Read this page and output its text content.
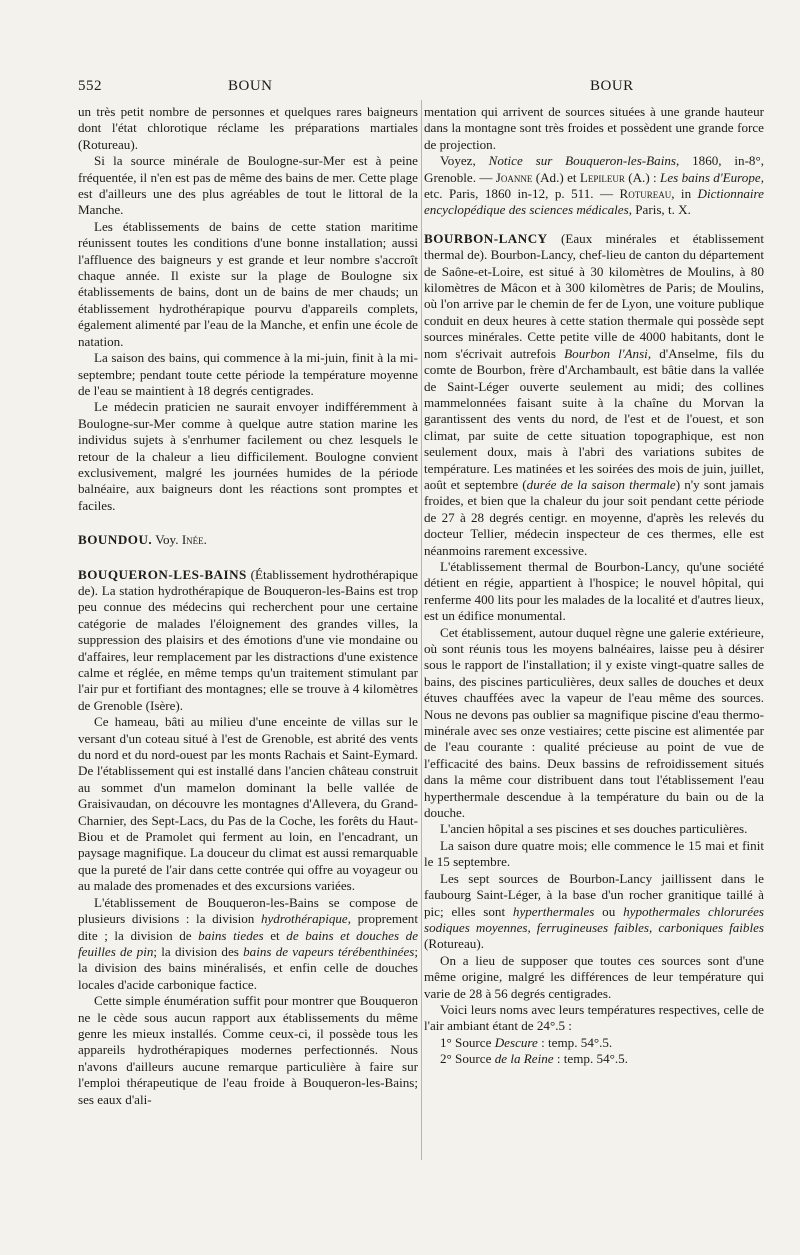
552	BOUN	BOUR

un très petit nombre de personnes et quelques rares baigneurs dont l'état chlorotique réclame les préparations martiales (Rotureau).

Si la source minérale de Boulogne-sur-Mer est à peine fréquentée, il n'en est pas de même des bains de mer. Cette plage est d'ailleurs une des plus agréables de tout le littoral de la Manche.

Les établissements de bains de cette station maritime réunissent toutes les conditions d'une bonne installation; aussi l'affluence des baigneurs y est grande et leur nombre s'accroît chaque année. Il existe sur la plage de Boulogne six établissements de bains, dont un de bains de mer chauds; un établissement hydrothérapique pourvu d'appareils complets, également alimenté par l'eau de la Manche, et enfin une école de natation.

La saison des bains, qui commence à la mi-juin, finit à la mi-septembre; pendant toute cette période la température moyenne de l'eau se maintient à 18 degrés centigrades.

Le médecin praticien ne saurait envoyer indifféremment à Boulogne-sur-Mer comme à quelque autre station marine les individus sujets à s'enrhumer facilement ou chez lesquels le retour de la chaleur a lieu difficilement. Boulogne convient exclusivement, malgré les journées humides de la période balnéaire, aux baigneurs dont les réactions sont promptes et faciles.

BOUNDOU. Voy. Inée.

BOUQUERON-LES-BAINS (Établissement hydrothérapique de). La station hydrothérapique de Bouqueron-les-Bains est trop peu connue des médecins qui recherchent pour une certaine catégorie de malades l'éloignement des grandes villes, la suppression des plaisirs et des émotions d'une vie mondaine ou d'affaires, leur remplacement par les distractions d'une existence calme et réglée, en même temps qu'un traitement stimulant par l'air pur et fortifiant des montagnes; elle se trouve à 4 kilomètres de Grenoble (Isère).

Ce hameau, bâti au milieu d'une enceinte de villas sur le versant d'un coteau situé à l'est de Grenoble, est abrité des vents du nord et du nord-ouest par les monts Rachais et Saint-Eymard. De l'établissement qui est installé dans l'ancien château construit au sommet d'un mamelon dominant la belle vallée de Graisivaudan, on découvre les montagnes d'Allevera, du Grand-Charnier, des Sept-Lacs, du Pas de la Coche, les forêts du Haut-Biou et de Pramolet qui ferment au loin, en l'encadrant, un paysage magnifique. La douceur du climat est aussi remarquable que la pureté de l'air dans cette contrée qui offre au voyageur ou au malade des promenades et des excursions variées.

L'établissement de Bouqueron-les-Bains se compose de plusieurs divisions : la division hydrothérapique, proprement dite ; la division de bains tiedes et de bains et douches de feuilles de pin; la division des bains de vapeurs térébenthinées; la division des bains minéralisés, et enfin celle de douches locales d'acide carbonique factice.

Cette simple énumération suffit pour montrer que Bouqueron ne le cède sous aucun rapport aux établissements du même genre les mieux installés. Comme ceux-ci, il possède tous les appareils hydrothérapiques modernes perfectionnés. Nous n'avons d'ailleurs aucune remarque particulière à faire sur l'emploi thérapeutique de l'eau froide à Bouqueron-les-Bains; ses eaux d'ali-

mentation qui arrivent de sources situées à une grande hauteur dans la montagne sont très froides et possèdent une grande force de projection.

Voyez, Notice sur Bouqueron-les-Bains, 1860, in-8°, Grenoble. — Joanne (Ad.) et Lepileur (A.) : Les bains d'Europe, etc. Paris, 1860 in-12, p. 511. — Rotureau, in Dictionnaire encyclopédique des sciences médicales, Paris, t. X.

BOURBON-LANCY (Eaux minérales et établissement thermal de). Bourbon-Lancy, chef-lieu de canton du département de Saône-et-Loire, est situé à 30 kilomètres de Moulins, à 80 kilomètres de Mâcon et à 300 kilomètres de Paris; de Moulins, où l'on arrive par le chemin de fer de Lyon, une voiture publique conduit en deux heures à cette station thermale qui possède sept sources minérales. Cette petite ville de 4000 habitants, dont le nom s'écrivait autrefois Bourbon l'Ansi, d'Anselme, fils du comte de Bourbon, frère d'Archambault, est bâtie dans la vallée de Saint-Léger ouverte seulement au midi; des collines mammelonnées faisant suite à la chaîne du Morvan la garantissent des vents du nord, de l'est et de l'ouest, et son climat, par suite de cette situation topographique, est non seulement doux, mais à l'abri des variations subites de température. Les matinées et les soirées des mois de juin, juillet, août et septembre (durée de la saison thermale) n'y sont jamais froides, et bien que la chaleur du jour soit pendant cette période de 27 à 28 degrés centigr. en moyenne, d'après les relevés du docteur Tellier, médecin inspecteur de ces thermes, elle est néanmoins rarement excessive.

L'établissement thermal de Bourbon-Lancy, qu'une société détient en régie, appartient à l'hospice; le nouvel hôpital, qui renferme 400 lits pour les malades de la localité et d'autres lieux, est un édifice monumental.

Cet établissement, autour duquel règne une galerie extérieure, où sont réunis tous les moyens balnéaires, laisse peu à désirer sous le rapport de l'installation; il y existe vingt-quatre salles de bains, des piscines particulières, deux salles de douches et deux étuves chauffées avec la vapeur de l'eau même des sources. Nous ne devons pas oublier sa magnifique piscine d'eau thermo-minérale avec ses onze vestiaires; cette piscine est alimentée par de l'eau courante : qualité précieuse au point de vue de l'efficacité des bains. Deux bassins de refroidissement situés dans la même cour distribuent dans tout l'établissement l'eau hyperthermale descendue à la température du bain ou de la douche.

L'ancien hôpital a ses piscines et ses douches particulières.

La saison dure quatre mois; elle commence le 15 mai et finit le 15 septembre.

Les sept sources de Bourbon-Lancy jaillissent dans le faubourg Saint-Léger, à la base d'un rocher granitique taillé à pic; elles sont hyperthermales ou hypothermales chlorurées sodiques moyennes, ferrugineuses faibles, carboniques faibles (Rotureau).

On a lieu de supposer que toutes ces sources sont d'une même origine, malgré les différences de leur température qui varie de 28 à 56 degrés centigrades.

Voici leurs noms avec leurs températures respectives, celle de l'air ambiant étant de 24°.5 :

1° Source Descure : temp. 54°.5.

2° Source de la Reine : temp. 54°.5.
